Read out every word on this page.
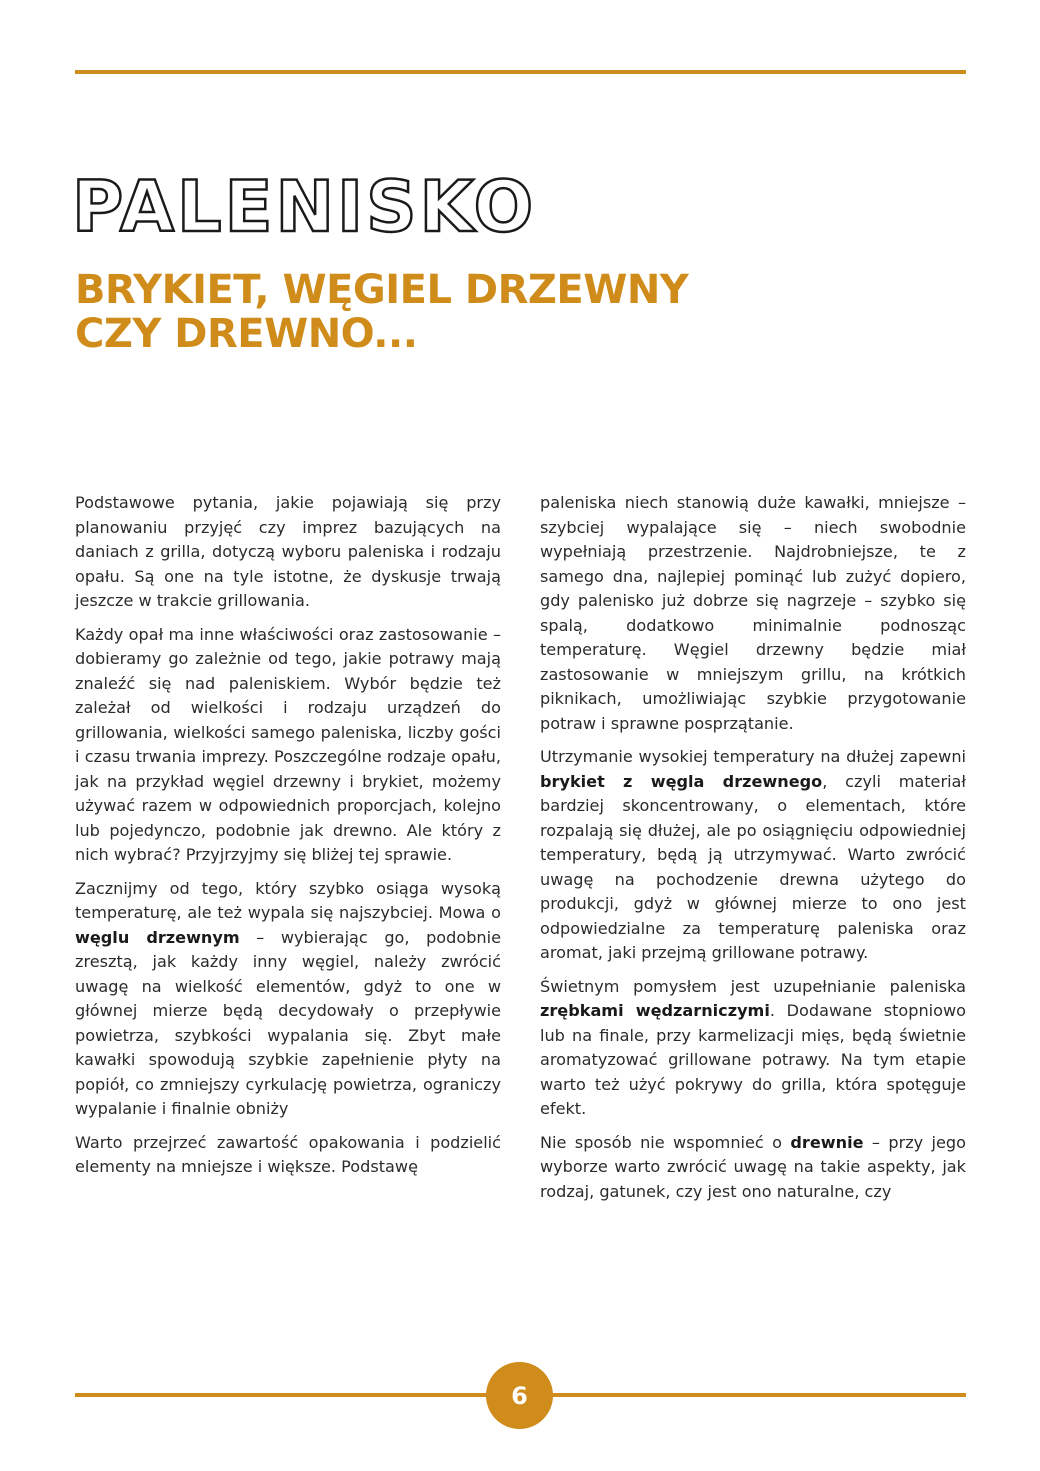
PALENISKO
BRYKIET, WĘGIEL DRZEWNY
CZY DREWNO...

Podstawowe pytania, jakie pojawiają się przy planowaniu przyjęć czy imprez bazujących na daniach z grilla, dotyczą wyboru paleniska i rodzaju opału. Są one na tyle istotne, że dyskusje trwają jeszcze w trakcie grillowania.

Każdy opał ma inne właściwości oraz zastosowanie – dobieramy go zależnie od tego, jakie potrawy mają znaleźć się nad paleniskiem. Wybór będzie też zależał od wielkości i rodzaju urządzeń do grillowania, wielkości samego paleniska, liczby gości i czasu trwania imprezy. Poszczególne rodzaje opału, jak na przykład węgiel drzewny i brykiet, możemy używać razem w odpowiednich proporcjach, kolejno lub pojedynczo, podobnie jak drewno. Ale który z nich wybrać? Przyjrzyjmy się bliżej tej sprawie.

Zacznijmy od tego, który szybko osiąga wysoką temperaturę, ale też wypala się najszybciej. Mowa o węglu drzewnym – wybierając go, podobnie zresztą, jak każdy inny węgiel, należy zwrócić uwagę na wielkość elementów, gdyż to one w głównej mierze będą decydowały o przepływie powietrza, szybkości wypalania się. Zbyt małe kawałki spowodują szybkie zapełnienie płyty na popiół, co zmniejszy cyrkulację powietrza, ograniczy wypalanie i finalnie obniży

Warto przejrzeć zawartość opakowania i podzielić elementy na mniejsze i większe. Podstawę

paleniska niech stanowią duże kawałki, mniejsze – szybciej wypalające się – niech swobodnie wypełniają przestrzenie. Najdrobniejsze, te z samego dna, najlepiej pominąć lub zużyć dopiero, gdy palenisko już dobrze się nagrzeje – szybko się spalą, dodatkowo minimalnie podnosząc temperaturę. Węgiel drzewny będzie miał zastosowanie w mniejszym grillu, na krótkich piknikach, umożliwiając szybkie przygotowanie potraw i sprawne posprzątanie.

Utrzymanie wysokiej temperatury na dłużej zapewni brykiet z węgla drzewnego, czyli materiał bardziej skoncentrowany, o elementach, które rozpalają się dłużej, ale po osiągnięciu odpowiedniej temperatury, będą ją utrzymywać. Warto zwrócić uwagę na pochodzenie drewna użytego do produkcji, gdyż w głównej mierze to ono jest odpowiedzialne za temperaturę paleniska oraz aromat, jaki przejmą grillowane potrawy.

Świetnym pomysłem jest uzupełnianie paleniska zrębkami wędzarniczymi. Dodawane stopniowo lub na finale, przy karmelizacji mięs, będą świetnie aromatyzować grillowane potrawy. Na tym etapie warto też użyć pokrywy do grilla, która spotęguje efekt.

Nie sposób nie wspomnieć o drewnie – przy jego wyborze warto zwrócić uwagę na takie aspekty, jak rodzaj, gatunek, czy jest ono naturalne, czy

6
